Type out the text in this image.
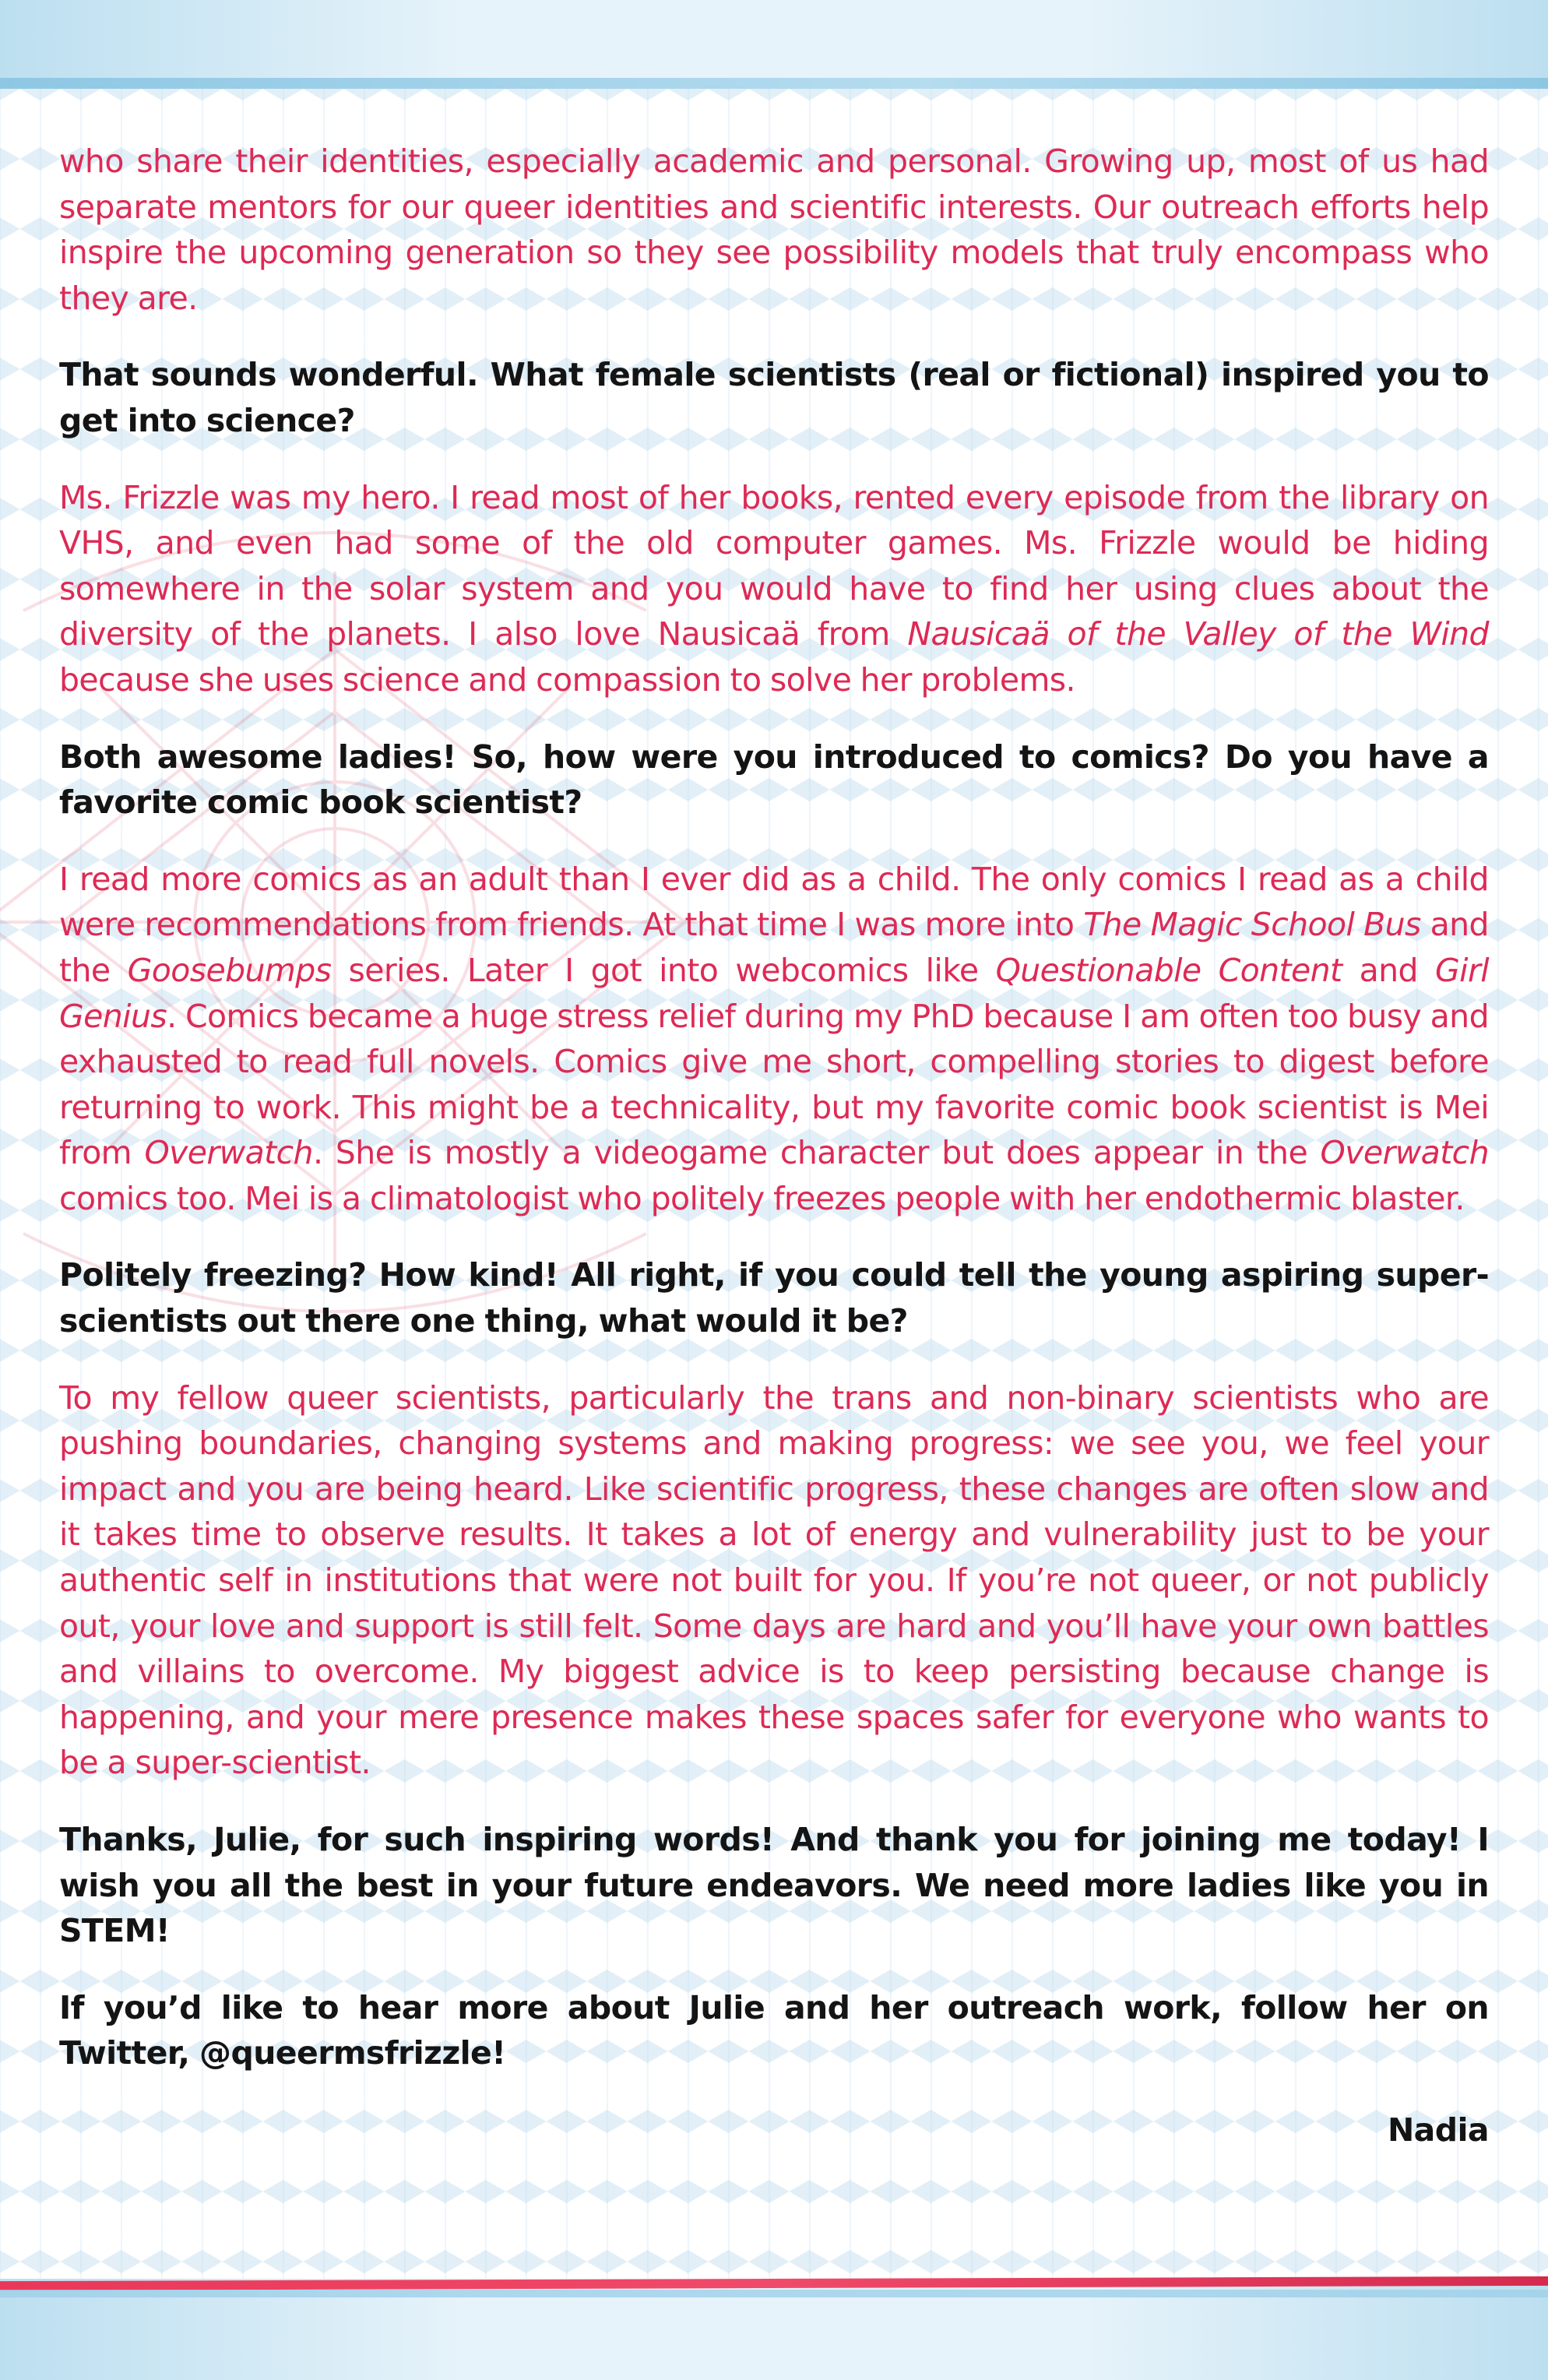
who share their identities, especially academic and personal. Growing up, most of us had separate mentors for our queer identities and scientific interests. Our outreach efforts help inspire the upcoming generation so they see possibility models that truly encompass who they are.

That sounds wonderful. What female scientists (real or fictional) inspired you to get into science?

Ms. Frizzle was my hero. I read most of her books, rented every episode from the library on VHS, and even had some of the old computer games. Ms. Frizzle would be hiding somewhere in the solar system and you would have to find her using clues about the diversity of the planets. I also love Nausicaä from Nausicaä of the Valley of the Wind because she uses science and compassion to solve her problems.

Both awesome ladies! So, how were you introduced to comics? Do you have a favorite comic book scientist?

I read more comics as an adult than I ever did as a child. The only comics I read as a child were recommendations from friends. At that time I was more into The Magic School Bus and the Goosebumps series. Later I got into webcomics like Questionable Content and Girl Genius. Comics became a huge stress relief during my PhD because I am often too busy and exhausted to read full novels. Comics give me short, compelling stories to digest before returning to work. This might be a technicality, but my favorite comic book scientist is Mei from Overwatch. She is mostly a videogame character but does appear in the Overwatch comics too. Mei is a climatologist who politely freezes people with her endothermic blaster.

Politely freezing? How kind! All right, if you could tell the young aspiring super-scientists out there one thing, what would it be?

To my fellow queer scientists, particularly the trans and non-binary scientists who are pushing boundaries, changing systems and making progress: we see you, we feel your impact and you are being heard. Like scientific progress, these changes are often slow and it takes time to observe results. It takes a lot of energy and vulnerability just to be your authentic self in institutions that were not built for you. If you’re not queer, or not publicly out, your love and support is still felt. Some days are hard and you’ll have your own battles and villains to overcome. My biggest advice is to keep persisting because change is happening, and your mere presence makes these spaces safer for everyone who wants to be a super-scientist.

Thanks, Julie, for such inspiring words! And thank you for joining me today! I wish you all the best in your future endeavors. We need more ladies like you in STEM!

If you’d like to hear more about Julie and her outreach work, follow her on Twitter, @queermsfrizzle!

Nadia
